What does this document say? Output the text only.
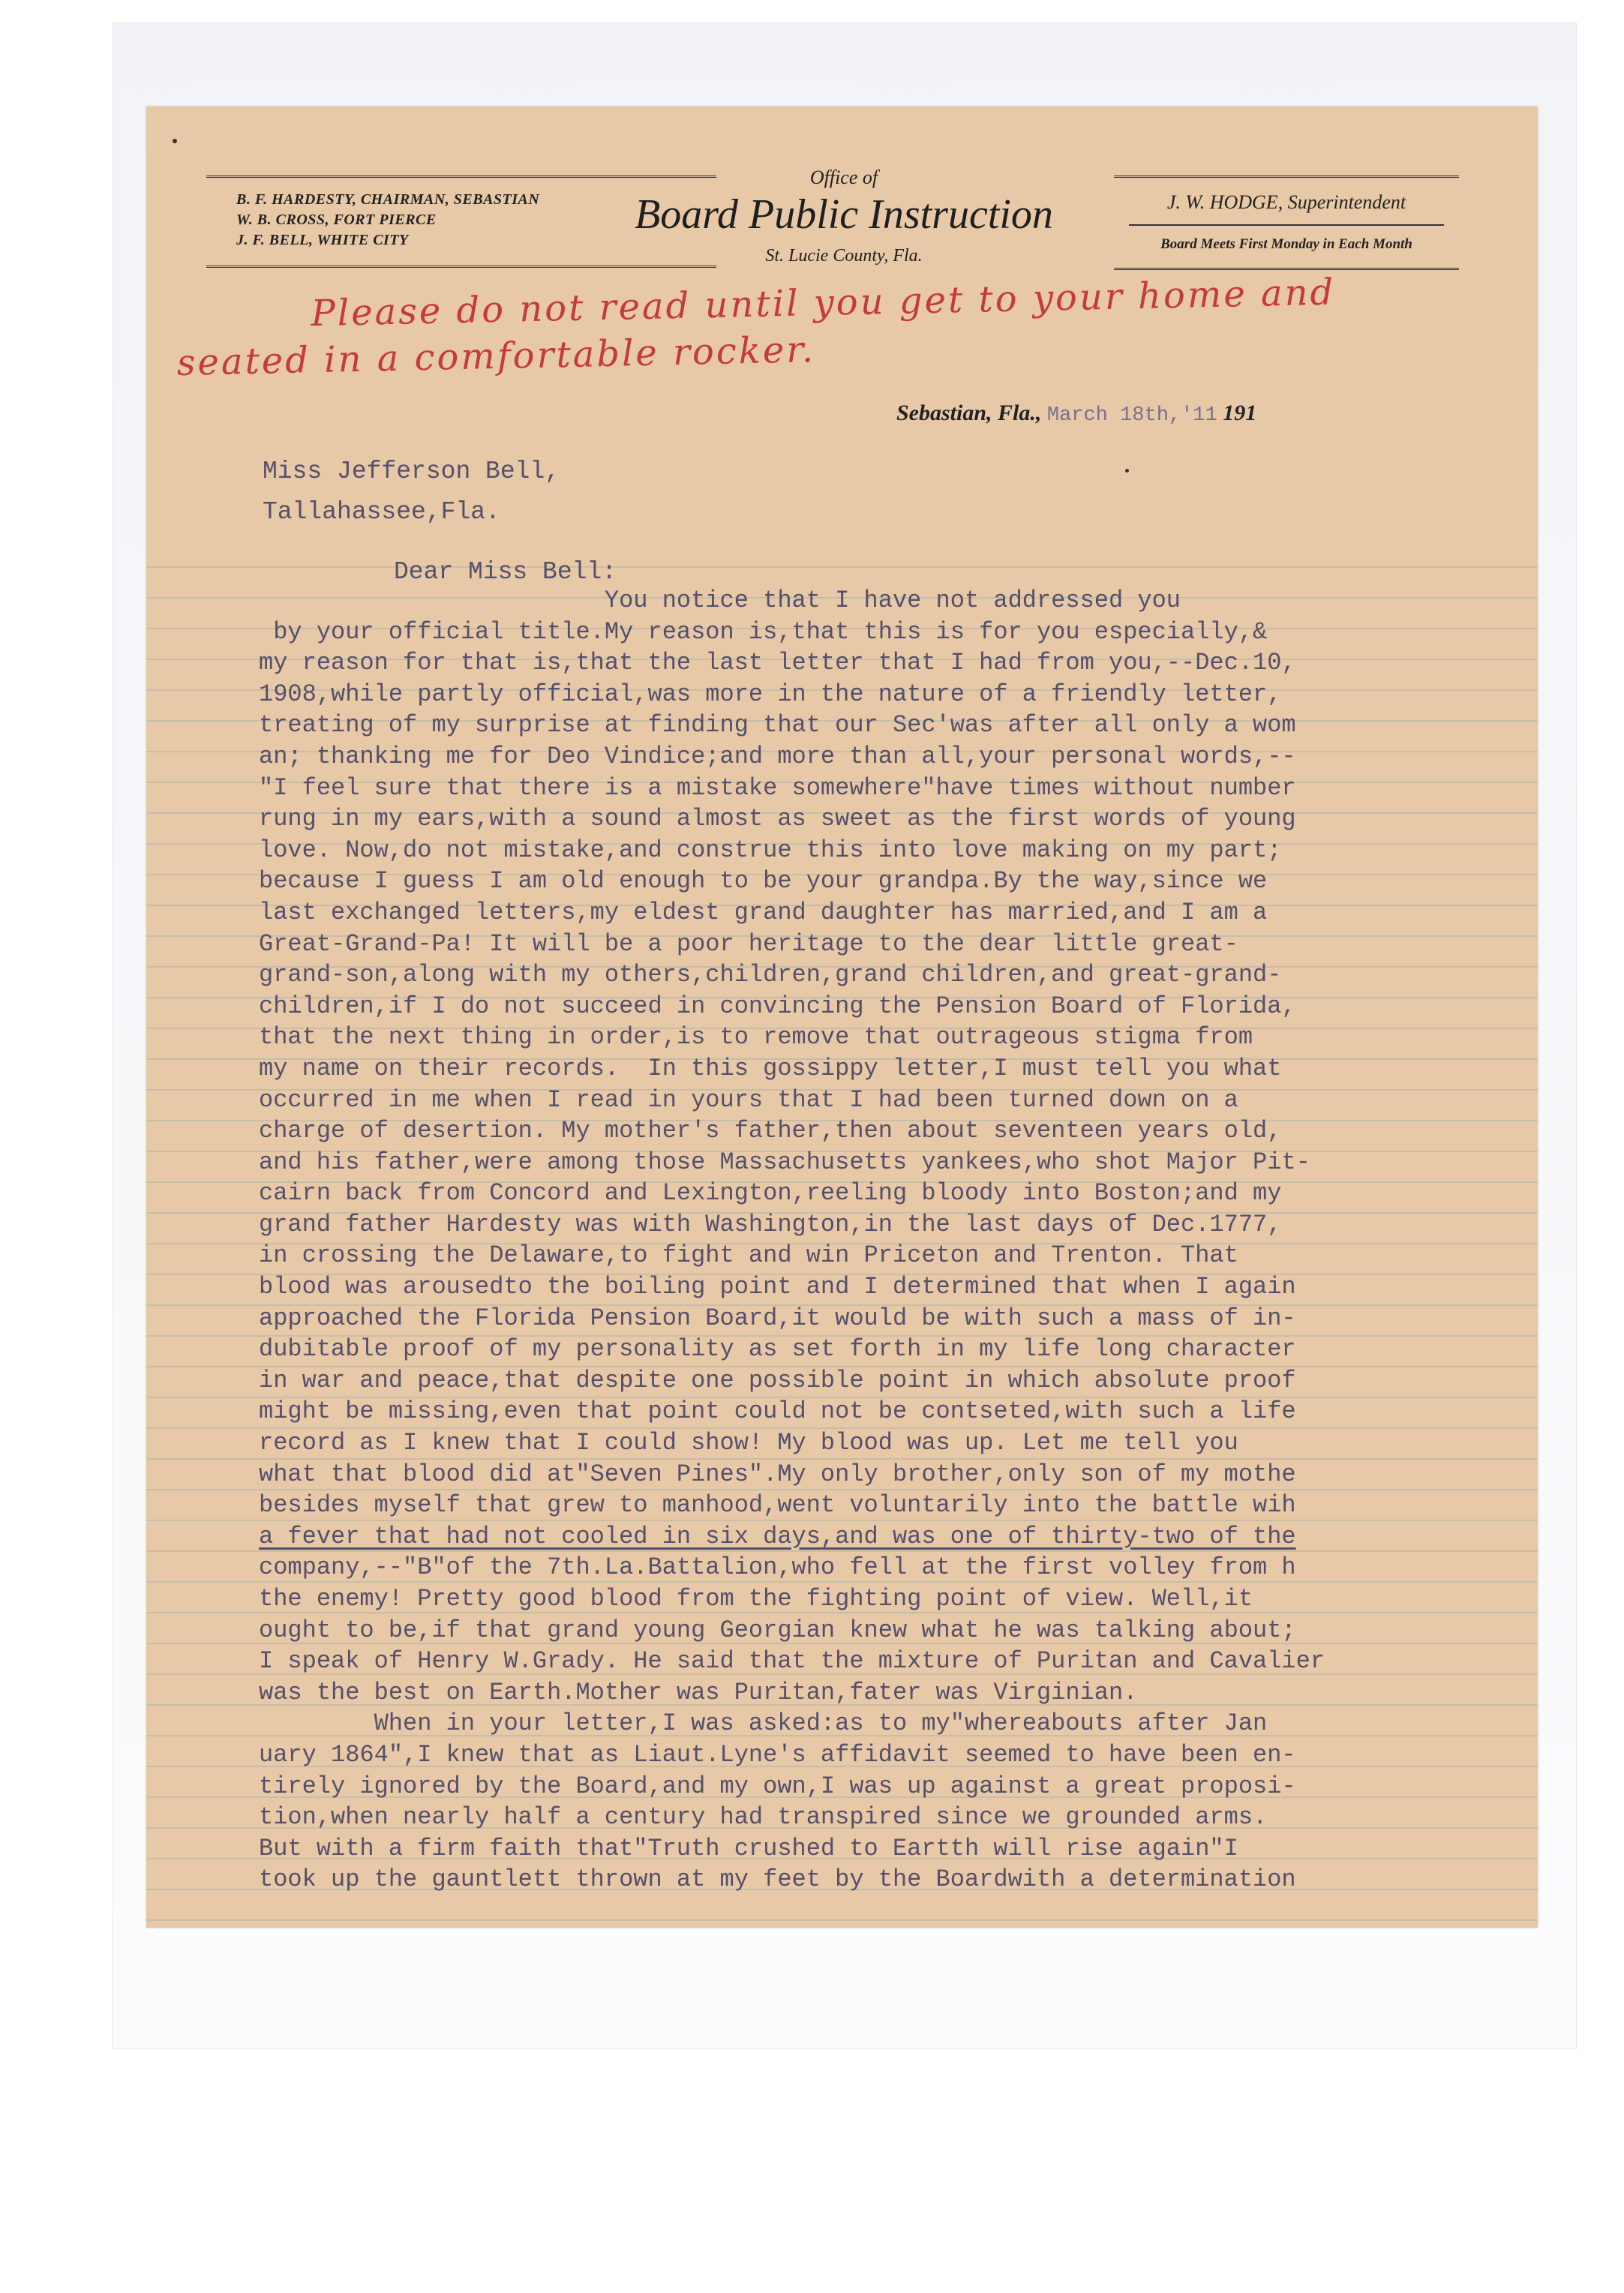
B. F. HARDESTY, CHAIRMAN, SEBASTIAN
W. B. CROSS, FORT PIERCE
J. F. BELL, WHITE CITY
Office of
Board Public Instruction
St. Lucie County, Fla.
J. W. HODGE, Superintendent
Board Meets First Monday in Each Month
Please do not read until you get to your home and
seated in a comfortable rocker.
Sebastian, Fla., March 18th,'11 191
Miss Jefferson Bell,
Tallahassee,Fla.
Dear Miss Bell:
You notice that I have not addressed you
by your official title.My reason is,that this is for you especially,&
my reason for that is,that the last letter that I had from you,--Dec.10,
1908,while partly official,was more in the nature of a friendly letter,
treating of my surprise at finding that our Sec'was after all only a wom
an; thanking me for Deo Vindice;and more than all,your personal words,--
"I feel sure that there is a mistake somewhere"have times without number
rung in my ears,with a sound almost as sweet as the first words of young
love. Now,do not mistake,and construe this into love making on my part;
because I guess I am old enough to be your grandpa.By the way,since we
last exchanged letters,my eldest grand daughter has married,and I am a
Great-Grand-Pa! It will be a poor heritage to the dear little great-
grand-son,along with my others,children,grand children,and great-grand-
children,if I do not succeed in convincing the Pension Board of Florida,
that the next thing in order,is to remove that outrageous stigma from
my name on their records.  In this gossippy letter,I must tell you what
occurred in me when I read in yours that I had been turned down on a
charge of desertion. My mother's father,then about seventeen years old,
and his father,were among those Massachusetts yankees,who shot Major Pit-
cairn back from Concord and Lexington,reeling bloody into Boston;and my
grand father Hardesty was with Washington,in the last days of Dec.1777,
in crossing the Delaware,to fight and win Priceton and Trenton. That
blood was arousedto the boiling point and I determined that when I again
approached the Florida Pension Board,it would be with such a mass of in-
dubitable proof of my personality as set forth in my life long character
in war and peace,that despite one possible point in which absolute proof
might be missing,even that point could not be contseted,with such a life
record as I knew that I could show! My blood was up. Let me tell you
what that blood did at"Seven Pines".My only brother,only son of my mothe
besides myself that grew to manhood,went voluntarily into the battle wih
a fever that had not cooled in six days,and was one of thirty-two of the
company,--"B"of the 7th.La.Battalion,who fell at the first volley from h
the enemy! Pretty good blood from the fighting point of view. Well,it
ought to be,if that grand young Georgian knew what he was talking about;
I speak of Henry W.Grady. He said that the mixture of Puritan and Cavalier
was the best on Earth.Mother was Puritan,fater was Virginian.
When in your letter,I was asked:as to my"whereabouts after Jan
uary 1864",I knew that as Liaut.Lyne's affidavit seemed to have been en-
tirely ignored by the Board,and my own,I was up against a great proposi-
tion,when nearly half a century had transpired since we grounded arms.
But with a firm faith that"Truth crushed to Eartth will rise again"I
took up the gauntlett thrown at my feet by the Boardwith a determination
